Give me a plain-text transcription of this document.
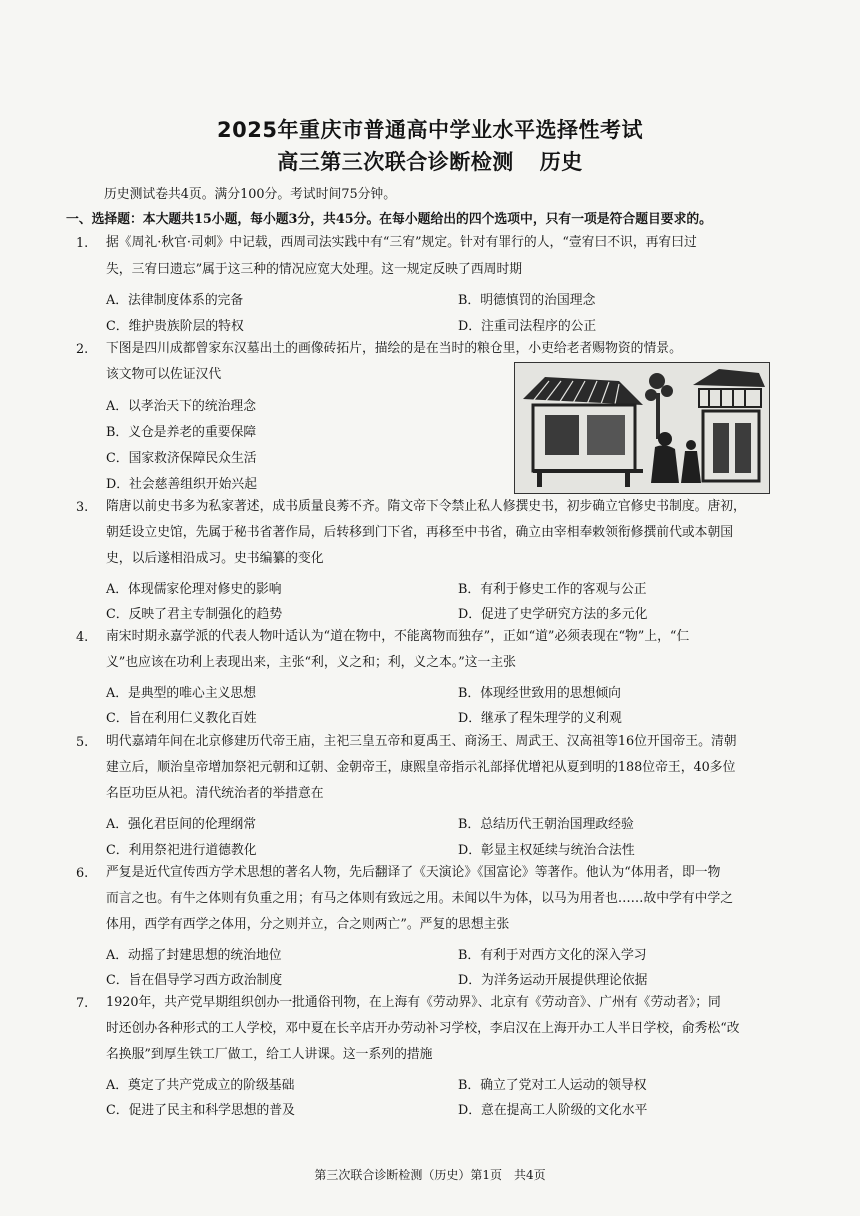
2025年重庆市普通高中学业水平选择性考试
高三第三次联合诊断检测 历史
历史测试卷共4页。满分100分。考试时间75分钟。
一、选择题：本大题共15小题，每小题3分，共45分。在每小题给出的四个选项中，只有一项是符合题目要求的。
1. 据《周礼·秋官·司刺》中记载，西周司法实践中有“三宥”规定。针对有罪行的人，“壹宥曰不识，再宥曰过
失，三宥曰遗忘”属于这三种的情况应宽大处理。这一规定反映了西周时期
A．法律制度体系的完备	B．明德慎罚的治国理念
C．维护贵族阶层的特权	D．注重司法程序的公正
2. 下图是四川成都曾家东汉墓出土的画像砖拓片，描绘的是在当时的粮仓里，小吏给老者赐物资的情景。
该文物可以佐证汉代
A．以孝治天下的统治理念
B．义仓是养老的重要保障
C．国家救济保障民众生活
D．社会慈善组织开始兴起
3. 隋唐以前史书多为私家著述，成书质量良莠不齐。隋文帝下令禁止私人修撰史书，初步确立官修史书制度。唐初，
朝廷设立史馆，先属于秘书省著作局，后转移到门下省，再移至中书省，确立由宰相奉敕领衔修撰前代或本朝国
史，以后遂相沿成习。史书编纂的变化
A．体现儒家伦理对修史的影响	B．有利于修史工作的客观与公正
C．反映了君主专制强化的趋势	D．促进了史学研究方法的多元化
4. 南宋时期永嘉学派的代表人物叶适认为“道在物中，不能离物而独存”，正如“道”必须表现在“物”上，“仁
义”也应该在功利上表现出来，主张“利，义之和；利，义之本。”这一主张
A．是典型的唯心主义思想	B．体现经世致用的思想倾向
C．旨在利用仁义教化百姓	D．继承了程朱理学的义利观
5. 明代嘉靖年间在北京修建历代帝王庙，主祀三皇五帝和夏禹王、商汤王、周武王、汉高祖等16位开国帝王。清朝
建立后，顺治皇帝增加祭祀元朝和辽朝、金朝帝王，康熙皇帝指示礼部择优增祀从夏到明的188位帝王，40多位
名臣功臣从祀。清代统治者的举措意在
A．强化君臣间的伦理纲常	B．总结历代王朝治国理政经验
C．利用祭祀进行道德教化	D．彰显主权延续与统治合法性
6. 严复是近代宣传西方学术思想的著名人物，先后翻译了《天演论》《国富论》等著作。他认为“体用者，即一物
而言之也。有牛之体则有负重之用；有马之体则有致远之用。未闻以牛为体，以马为用者也……故中学有中学之
体用，西学有西学之体用，分之则并立，合之则两亡”。严复的思想主张
A．动摇了封建思想的统治地位	B．有利于对西方文化的深入学习
C．旨在倡导学习西方政治制度	D．为洋务运动开展提供理论依据
7. 1920年，共产党早期组织创办一批通俗刊物，在上海有《劳动界》、北京有《劳动音》、广州有《劳动者》；同
时还创办各种形式的工人学校，邓中夏在长辛店开办劳动补习学校，李启汉在上海开办工人半日学校，俞秀松“改
名换服”到厚生铁工厂做工，给工人讲课。这一系列的措施
A．奠定了共产党成立的阶级基础	B．确立了党对工人运动的领导权
C．促进了民主和科学思想的普及	D．意在提高工人阶级的文化水平
第三次联合诊断检测（历史）第1页　共4页
